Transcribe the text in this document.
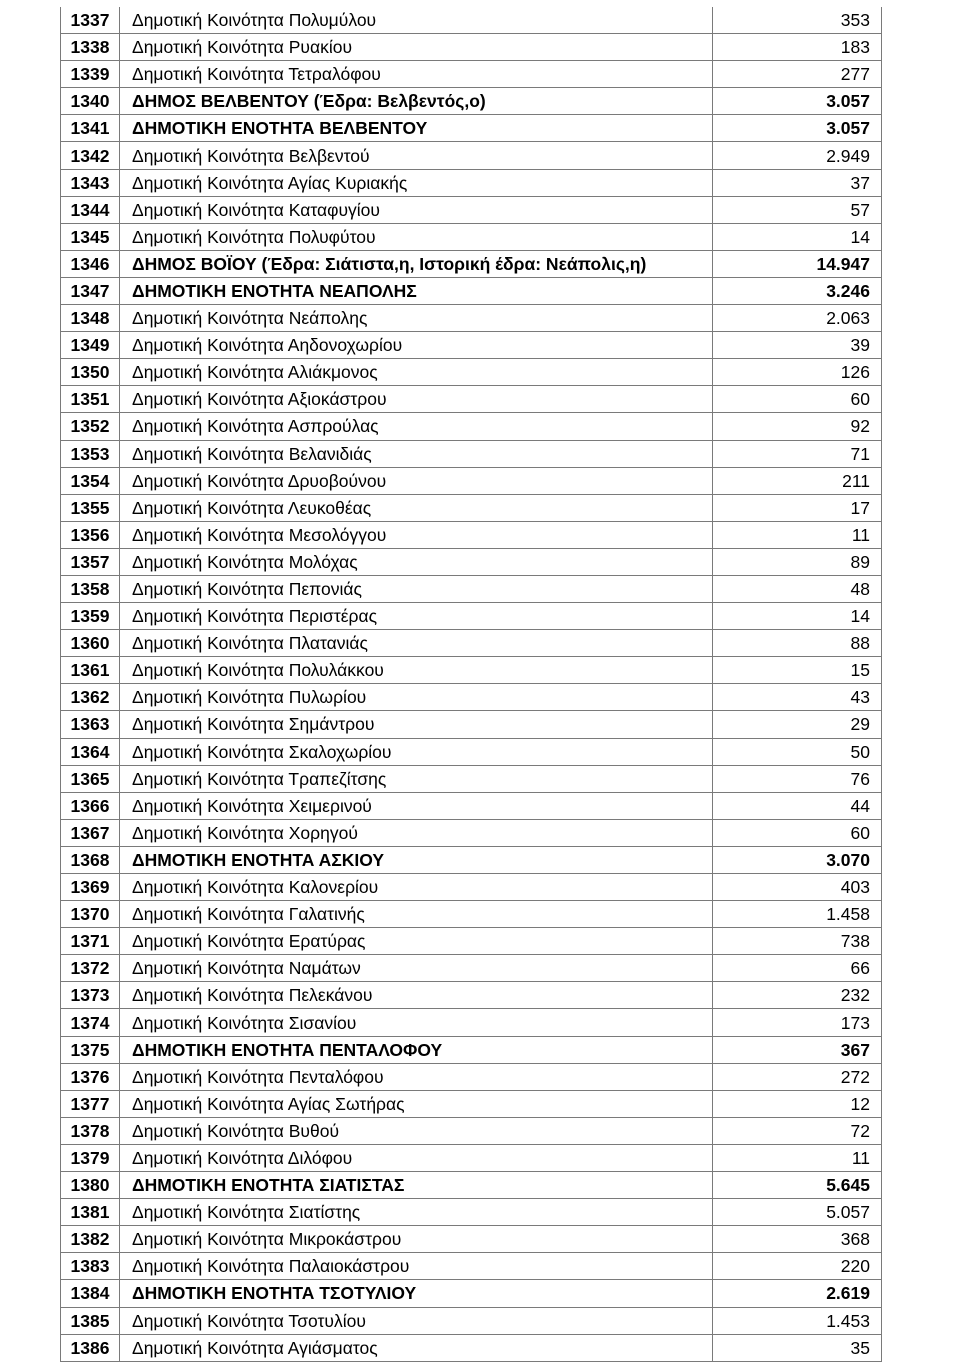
1337	Δημοτική Κοινότητα Πολυμύλου	353
1338	Δημοτική Κοινότητα Ρυακίου	183
1339	Δημοτική Κοινότητα Τετραλόφου	277
1340	ΔΗΜΟΣ ΒΕΛΒΕΝΤΟΥ (Έδρα: Βελβεντός,ο)	3.057
1341	ΔΗΜΟΤΙΚΗ ΕΝΟΤΗΤΑ ΒΕΛΒΕΝΤΟΥ	3.057
1342	Δημοτική Κοινότητα Βελβεντού	2.949
1343	Δημοτική Κοινότητα Αγίας Κυριακής	37
1344	Δημοτική Κοινότητα Καταφυγίου	57
1345	Δημοτική Κοινότητα Πολυφύτου	14
1346	ΔΗΜΟΣ ΒΟΪΟΥ (Έδρα: Σιάτιστα,η, Ιστορική έδρα: Νεάπολις,η)	14.947
1347	ΔΗΜΟΤΙΚΗ ΕΝΟΤΗΤΑ ΝΕΑΠΟΛΗΣ	3.246
1348	Δημοτική Κοινότητα Νεάπολης	2.063
1349	Δημοτική Κοινότητα Αηδονοχωρίου	39
1350	Δημοτική Κοινότητα Αλιάκμονος	126
1351	Δημοτική Κοινότητα Αξιοκάστρου	60
1352	Δημοτική Κοινότητα Ασπρούλας	92
1353	Δημοτική Κοινότητα Βελανιδιάς	71
1354	Δημοτική Κοινότητα Δρυοβούνου	211
1355	Δημοτική Κοινότητα Λευκοθέας	17
1356	Δημοτική Κοινότητα Μεσολόγγου	11
1357	Δημοτική Κοινότητα Μολόχας	89
1358	Δημοτική Κοινότητα Πεπονιάς	48
1359	Δημοτική Κοινότητα Περιστέρας	14
1360	Δημοτική Κοινότητα Πλατανιάς	88
1361	Δημοτική Κοινότητα Πολυλάκκου	15
1362	Δημοτική Κοινότητα Πυλωρίου	43
1363	Δημοτική Κοινότητα Σημάντρου	29
1364	Δημοτική Κοινότητα Σκαλοχωρίου	50
1365	Δημοτική Κοινότητα Τραπεζίτσης	76
1366	Δημοτική Κοινότητα Χειμερινού	44
1367	Δημοτική Κοινότητα Χορηγού	60
1368	ΔΗΜΟΤΙΚΗ ΕΝΟΤΗΤΑ ΑΣΚΙΟΥ	3.070
1369	Δημοτική Κοινότητα Καλονερίου	403
1370	Δημοτική Κοινότητα Γαλατινής	1.458
1371	Δημοτική Κοινότητα Ερατύρας	738
1372	Δημοτική Κοινότητα Ναμάτων	66
1373	Δημοτική Κοινότητα Πελεκάνου	232
1374	Δημοτική Κοινότητα Σισανίου	173
1375	ΔΗΜΟΤΙΚΗ ΕΝΟΤΗΤΑ ΠΕΝΤΑΛΟΦΟΥ	367
1376	Δημοτική Κοινότητα Πενταλόφου	272
1377	Δημοτική Κοινότητα Αγίας Σωτήρας	12
1378	Δημοτική Κοινότητα Βυθού	72
1379	Δημοτική Κοινότητα Διλόφου	11
1380	ΔΗΜΟΤΙΚΗ ΕΝΟΤΗΤΑ ΣΙΑΤΙΣΤΑΣ	5.645
1381	Δημοτική Κοινότητα Σιατίστης	5.057
1382	Δημοτική Κοινότητα Μικροκάστρου	368
1383	Δημοτική Κοινότητα Παλαιοκάστρου	220
1384	ΔΗΜΟΤΙΚΗ ΕΝΟΤΗΤΑ ΤΣΟΤΥΛΙΟΥ	2.619
1385	Δημοτική Κοινότητα Τσοτυλίου	1.453
1386	Δημοτική Κοινότητα Αγιάσματος	35
